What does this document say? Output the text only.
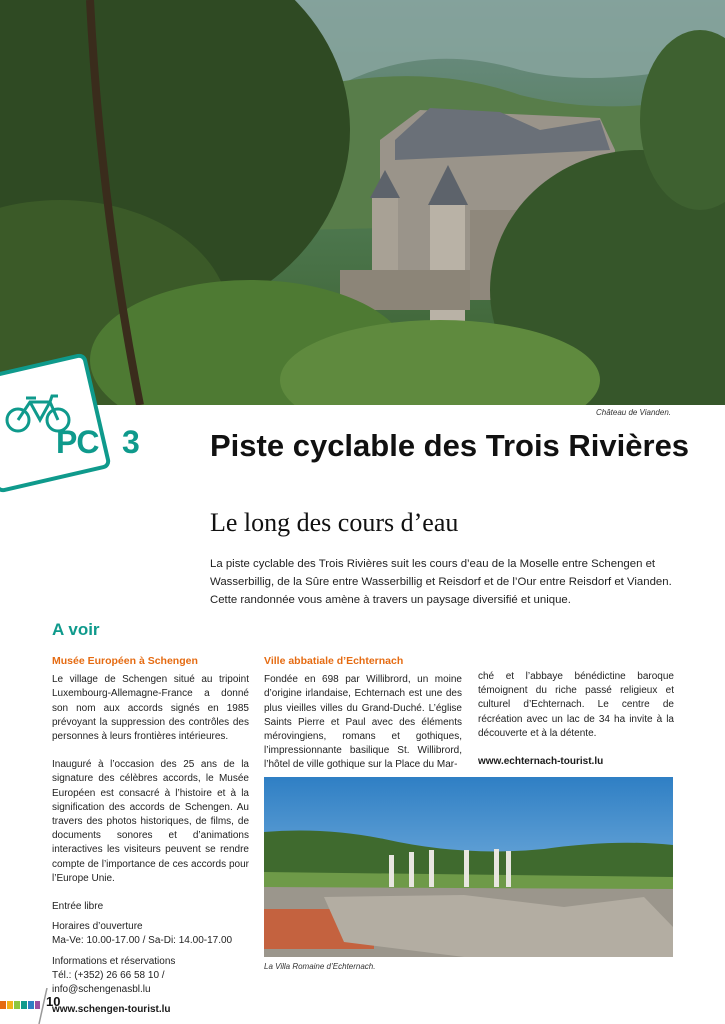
Château de Vianden.
PC 3 Piste cyclable des Trois Rivières
Le long des cours d’eau

La piste cyclable des Trois Rivières suit les cours d’eau de la Moselle entre Schengen et Wasserbillig, de la Sûre entre Wasserbillig et Reisdorf et de l’Our entre Reisdorf et Vianden. Cette randonnée vous amène à travers un paysage diversifié et unique.

A voir
Musée Européen à Schengen

Le village de Schengen situé au tripoint Luxembourg-Allemagne-France a donné son nom aux accords signés en 1985 prévoyant la suppression des contrôles des personnes à leurs frontières intérieures.

Inauguré à l’occasion des 25 ans de la signature des célèbres accords, le Musée Européen est consacré à l’histoire et à la signification des accords de Schengen. Au travers des photos historiques, de films, de documents sonores et d’animations interactives les visiteurs peuvent se rendre compte de l’importance de ces accords pour l’Europe Unie.

Entrée libre

Horaires d’ouverture

Ma-Ve: 10.00-17.00 / Sa-Di: 14.00-17.00

Informations et réservations

Tél.: (+352) 26 66 58 10 / info@schengenasbl.lu

www.schengen-tourist.lu

Ville abbatiale d’Echternach

Fondée en 698 par Willibrord, un moine d’origine irlandaise, Echternach est une des plus vieilles villes du Grand-Duché. L’église Saints Pierre et Paul avec des éléments mérovingiens, romans et gothiques, l’impressionnante basilique St. Willibrord, l’hôtel de ville gothique sur la Place du Mar-

ché et l’abbaye bénédictine baroque témoignent du riche passé religieux et culturel d’Echternach. Le centre de récréation avec un lac de 34 ha invite à la découverte et à la détente.

www.echternach-tourist.lu

La Villa Romaine d’Echternach.
10
